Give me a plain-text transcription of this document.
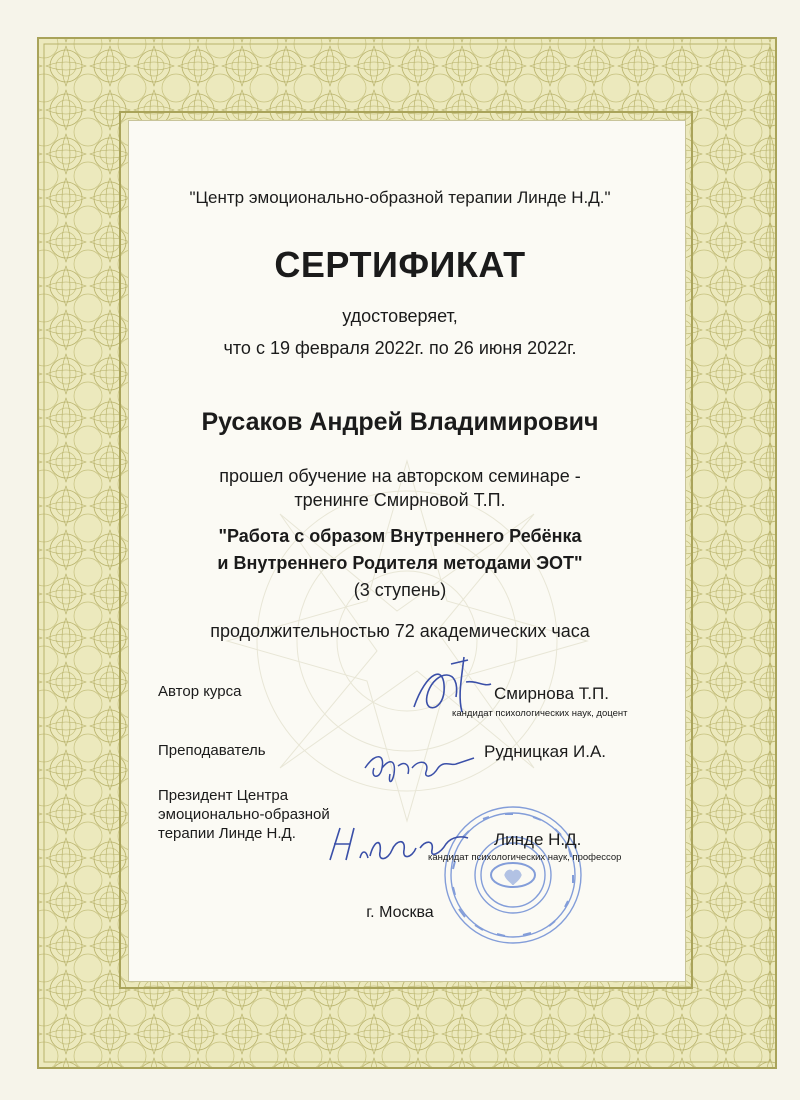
"Центр эмоционально-образной терапии Линде Н.Д."

СЕРТИФИКАТ

удостоверяет,

что с 19 февраля 2022г. по 26 июня 2022г.

Русаков Андрей Владимирович

прошел обучение на авторском семинаре -

тренинге Смирновой Т.П.

"Работа с образом Внутреннего Ребёнка

и Внутреннего Родителя методами ЭОТ"

(3 ступень)

продолжительностью 72 академических часа

Автор курса	Смирнова Т.П.
кандидат психологических наук, доцент
Преподаватель	Рудницкая И.А.
Президент Центра
эмоционально-образной
терапии Линде Н.Д.	Линде Н.Д.
кандидат психологических наук, профессор

г. Москва
